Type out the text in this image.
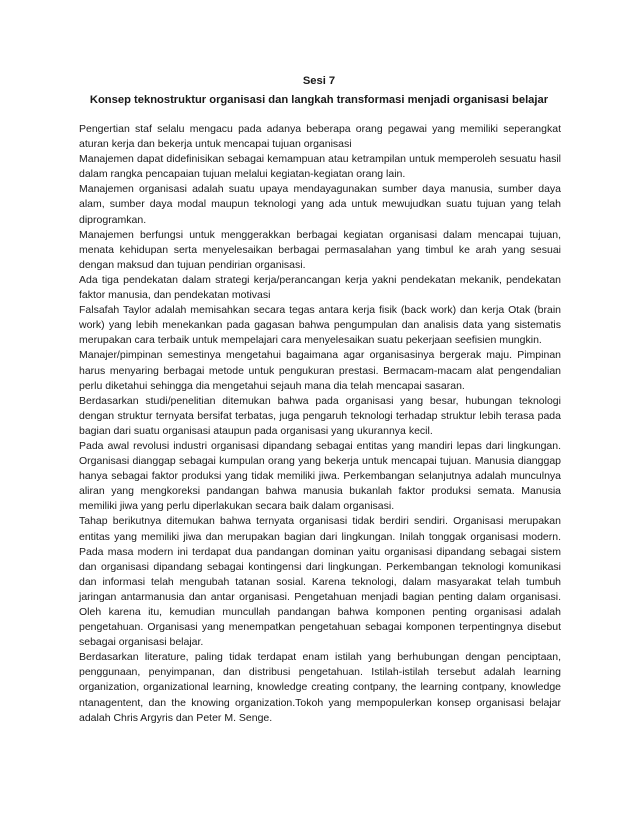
Sesi 7

Konsep teknostruktur organisasi dan langkah transformasi menjadi organisasi belajar

Pengertian staf selalu mengacu pada adanya beberapa orang pegawai yang memiliki seperangkat aturan kerja dan bekerja untuk mencapai tujuan organisasi

Manajemen dapat didefinisikan sebagai kemampuan atau ketrampilan untuk memperoleh sesuatu hasil dalam rangka pencapaian tujuan melalui kegiatan-kegiatan orang lain.

Manajemen organisasi adalah suatu upaya mendayagunakan sumber daya manusia, sumber daya alam, sumber daya modal maupun teknologi yang ada untuk mewujudkan suatu tujuan yang telah diprogramkan.

Manajemen berfungsi untuk menggerakkan berbagai kegiatan organisasi dalam mencapai tujuan, menata kehidupan serta menyelesaikan berbagai permasalahan yang timbul ke arah yang sesuai dengan maksud dan tujuan pendirian organisasi.

Ada tiga pendekatan dalam strategi kerja/perancangan kerja yakni pendekatan mekanik, pendekatan faktor manusia, dan pendekatan motivasi

Falsafah Taylor adalah memisahkan secara tegas antara kerja fisik (back work) dan kerja Otak (brain work) yang lebih menekankan pada gagasan bahwa pengumpulan dan analisis data yang sistematis merupakan cara terbaik untuk mempelajari cara menyelesaikan suatu pekerjaan seefisien mungkin.

Manajer/pimpinan semestinya mengetahui bagaimana agar organisasinya bergerak maju. Pimpinan harus menyaring berbagai metode untuk pengukuran prestasi. Bermacam-macam alat pengendalian perlu diketahui sehingga dia mengetahui sejauh mana dia telah mencapai sasaran.

Berdasarkan studi/penelitian ditemukan bahwa pada organisasi yang besar, hubungan teknologi dengan struktur ternyata bersifat terbatas, juga pengaruh teknologi terhadap struktur lebih terasa pada bagian dari suatu organisasi ataupun pada organisasi yang ukurannya kecil.

Pada awal revolusi industri organisasi dipandang sebagai entitas yang mandiri lepas dari lingkungan. Organisasi dianggap sebagai kumpulan orang yang bekerja untuk mencapai tujuan. Manusia dianggap hanya sebagai faktor produksi yang tidak memiliki jiwa. Perkembangan selanjutnya adalah munculnya aliran yang mengkoreksi pandangan bahwa manusia bukanlah faktor produksi semata. Manusia memiliki jiwa yang perlu diperlakukan secara baik dalam organisasi.

Tahap berikutnya ditemukan bahwa ternyata organisasi tidak berdiri sendiri. Organisasi merupakan entitas yang memiliki jiwa dan merupakan bagian dari lingkungan. Inilah tonggak organisasi modern. Pada masa modern ini terdapat dua pandangan dominan yaitu organisasi dipandang sebagai sistem dan organisasi dipandang sebagai kontingensi dari lingkungan. Perkembangan teknologi komunikasi dan informasi telah mengubah tatanan sosial. Karena teknologi, dalam masyarakat telah tumbuh jaringan antarmanusia dan antar organisasi. Pengetahuan menjadi bagian penting dalam organisasi. Oleh karena itu, kemudian muncullah pandangan bahwa komponen penting organisasi adalah pengetahuan. Organisasi yang menempatkan pengetahuan sebagai komponen terpentingnya disebut sebagai organisasi belajar.

Berdasarkan literature, paling tidak terdapat enam istilah yang berhubungan dengan penciptaan, penggunaan, penyimpanan, dan distribusi pengetahuan. Istilah-istilah tersebut adalah learning organization, organizational learning, knowledge creating contpany, the learning contpany, knowledge ntanagentent, dan the knowing organization.Tokoh yang mempopulerkan konsep organisasi belajar adalah Chris Argyris dan Peter M. Senge.
